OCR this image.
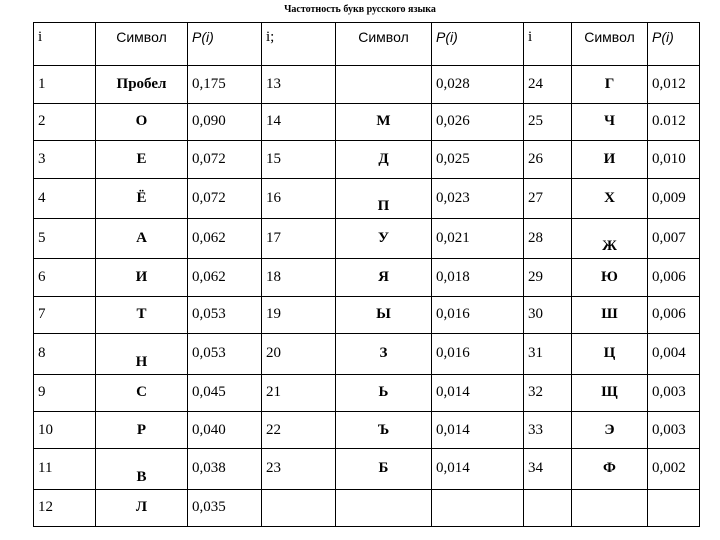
Частотность букв русского языка
i	Символ	P(i)	i;	Символ	P(i)	i	Символ	P(i)
1	Пробел	0,175	13		0,028	24	Г	0,012
2	О	0,090	14	М	0,026	25	Ч	0.012
3	Е	0,072	15	Д	0,025	26	И	0,010
4	Ё	0,072	16	П	0,023	27	Х	0,009
5	А	0,062	17	У	0,021	28	Ж	0,007
6	И	0,062	18	Я	0,018	29	Ю	0,006
7	Т	0,053	19	Ы	0,016	30	Ш	0,006
8	Н	0,053	20	З	0,016	31	Ц	0,004
9	С	0,045	21	Ь	0,014	32	Щ	0,003
10	Р	0,040	22	Ъ	0,014	33	Э	0,003
11	В	0,038	23	Б	0,014	34	Ф	0,002
12	Л	0,035						
